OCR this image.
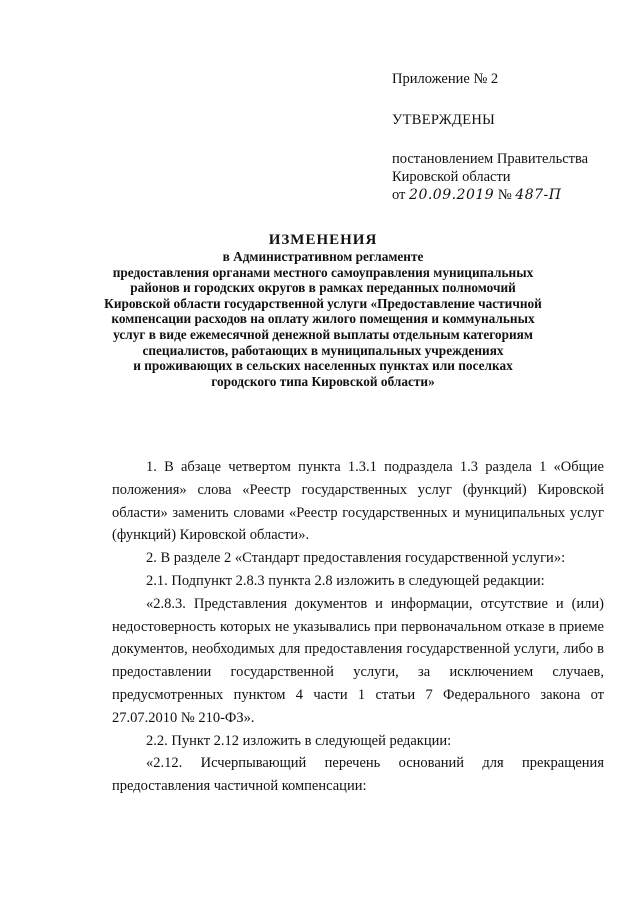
Приложение № 2

УТВЕРЖДЕНЫ

постановлением Правительства

Кировской области

от 20.09.2019 № 487-П

ИЗМЕНЕНИЯ

в Административном регламенте

предоставления органами местного самоуправления муниципальных

районов и городских округов в рамках переданных полномочий

Кировской области государственной услуги «Предоставление частичной

компенсации расходов на оплату жилого помещения и коммунальных

услуг в виде ежемесячной денежной выплаты отдельным категориям

специалистов, работающих в муниципальных учреждениях

и проживающих в сельских населенных пунктах или поселках

городского типа Кировской области»

1. В абзаце четвертом пункта 1.3.1 подраздела 1.3 раздела 1 «Общие положения» слова «Реестр государственных услуг (функций) Кировской области» заменить словами «Реестр государственных и муниципальных услуг (функций) Кировской области».

2. В разделе 2 «Стандарт предоставления государственной услуги»:

2.1. Подпункт 2.8.3 пункта 2.8 изложить в следующей редакции:

«2.8.3. Представления документов и информации, отсутствие и (или) недостоверность которых не указывались при первоначальном отказе в приеме документов, необходимых для предоставления государственной услуги, либо в предоставлении государственной услуги, за исключением случаев, предусмотренных пунктом 4 части 1 статьи 7 Федерального закона от 27.07.2010 № 210-ФЗ».

2.2. Пункт 2.12 изложить в следующей редакции:

«2.12. Исчерпывающий перечень оснований для прекращения предоставления частичной компенсации:
